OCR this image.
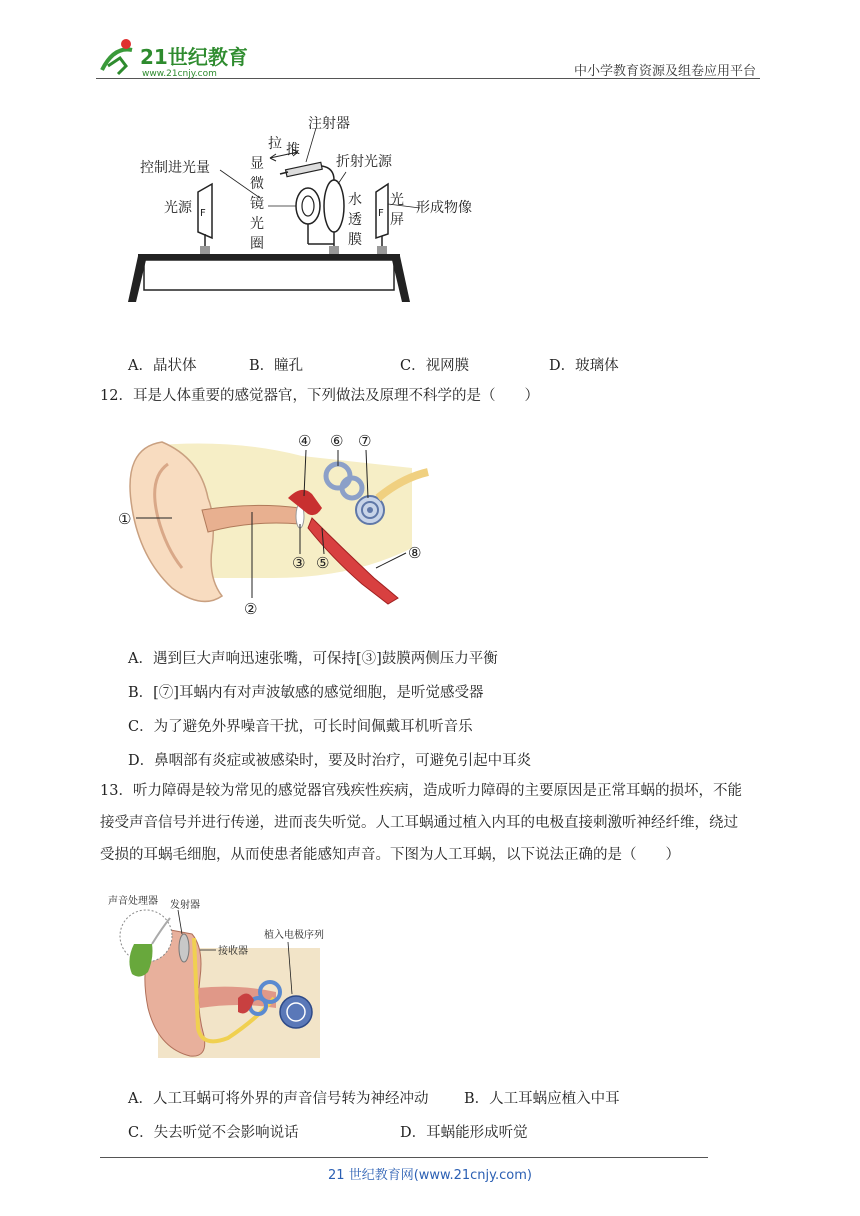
21世纪教育
www.21cnjy.com	中小学教育资源及组卷应用平台
F	F
注射器
拉 推
控制进光量	折射光源
光源
显
微
镜
光
圈
水
透
膜
光
屏
形成物像
A．晶状体	B．瞳孔	C．视网膜	D．玻璃体
12．耳是人体重要的感觉器官，下列做法及原理不科学的是（　　）
①
②
③
④
⑤
⑥ ⑦
⑧
A．遇到巨大声响迅速张嘴，可保持[③]鼓膜两侧压力平衡
B．[⑦]耳蜗内有对声波敏感的感觉细胞，是听觉感受器
C．为了避免外界噪音干扰，可长时间佩戴耳机听音乐
D．鼻咽部有炎症或被感染时，要及时治疗，可避免引起中耳炎
13．听力障碍是较为常见的感觉器官残疾性疾病，造成听力障碍的主要原因是正常耳蜗的损坏，不能
接受声音信号并进行传递，进而丧失听觉。人工耳蜗通过植入内耳的电极直接刺激听神经纤维，绕过
受损的耳蜗毛细胞，从而使患者能感知声音。下图为人工耳蜗，以下说法正确的是（　　）
声音处理器 发射器
接收器
植入电极序列
A．人工耳蜗可将外界的声音信号转为神经冲动 B．人工耳蜗应植入中耳
C．失去听觉不会影响说话	D．耳蜗能形成听觉
21 世纪教育网(www.21cnjy.com)
